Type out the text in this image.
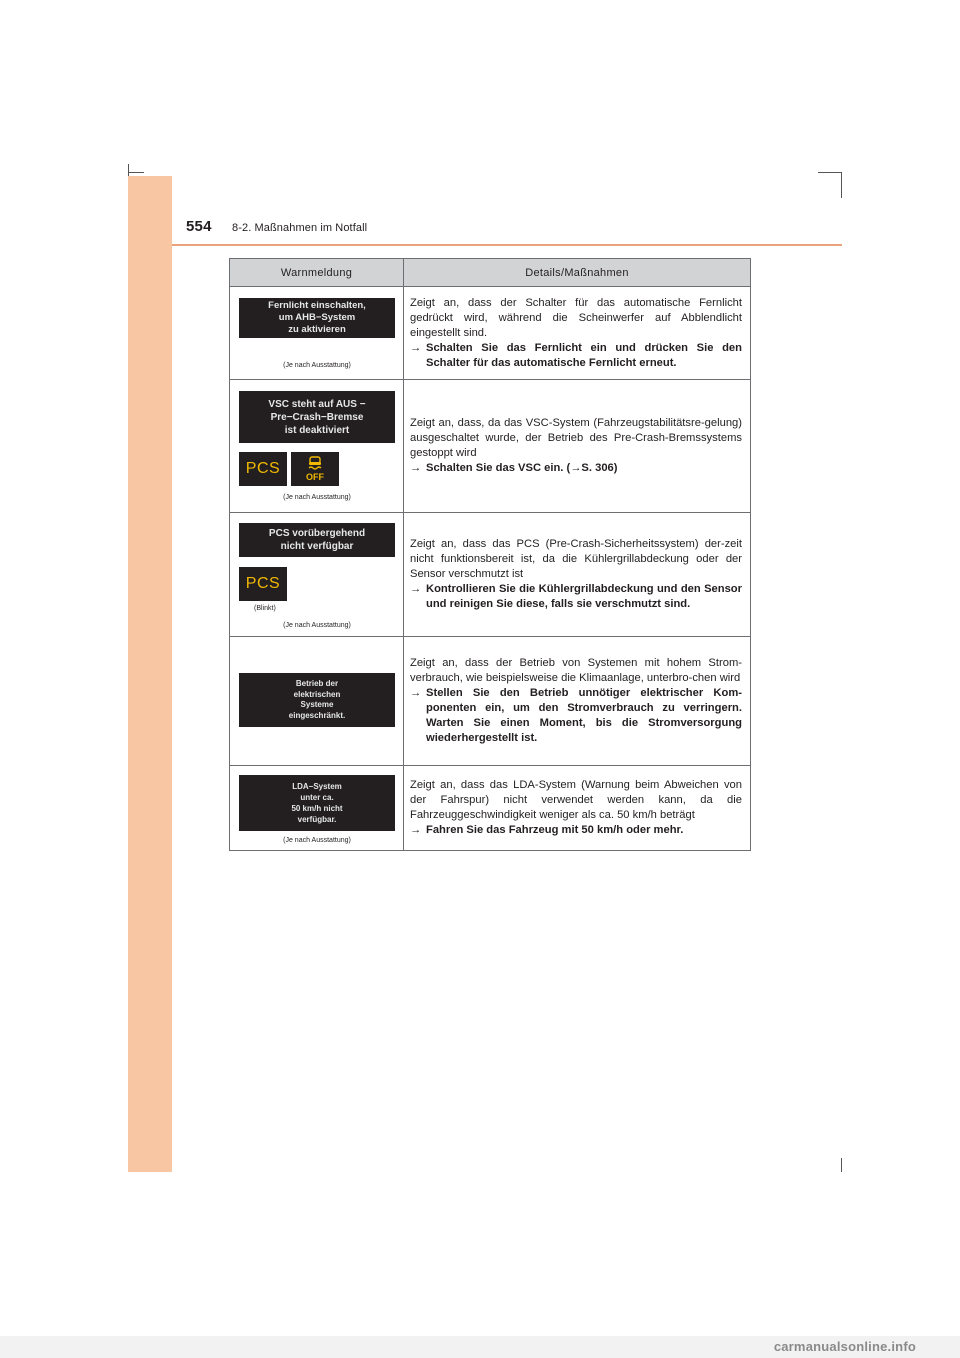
554 8-2. Maßnahmen im Notfall
Warnmeldung	Details/Maßnahmen
Fernlicht einschalten,
um AHB−System
zu aktivieren
(Je nach Ausstattung)

Zeigt an, dass der Schalter für das automatische Fernlicht gedrückt wird, während die Scheinwerfer auf Abblendlicht eingestellt sind.

→ Schalten Sie das Fernlicht ein und drücken Sie den Schalter für das automatische Fernlicht erneut.
VSC steht auf AUS −
Pre−Crash−Bremse
ist deaktiviert
PCS	OFF
(Je nach Ausstattung)

Zeigt an, dass, da das VSC-System (Fahrzeugstabilitätsre-gelung) ausgeschaltet wurde, der Betrieb des Pre-Crash-Bremssystems gestoppt wird

→ Schalten Sie das VSC ein. (→S. 306)
PCS vorübergehend
nicht verfügbar
PCS
(Blinkt)
(Je nach Ausstattung)

Zeigt an, dass das PCS (Pre-Crash-Sicherheitssystem) der-zeit nicht funktionsbereit ist, da die Kühlergrillabdeckung oder der Sensor verschmutzt ist

→ Kontrollieren Sie die Kühlergrillabdeckung und den Sensor und reinigen Sie diese, falls sie verschmutzt sind.
Betrieb der
elektrischen
Systeme
eingeschränkt.

Zeigt an, dass der Betrieb von Systemen mit hohem Strom-verbrauch, wie beispielsweise die Klimaanlage, unterbro-chen wird

→ Stellen Sie den Betrieb unnötiger elektrischer Kom-ponenten ein, um den Stromverbrauch zu verringern. Warten Sie einen Moment, bis die Stromversorgung wiederhergestellt ist.
LDA−System
unter ca.
50 km/h nicht
verfügbar.
(Je nach Ausstattung)

Zeigt an, dass das LDA-System (Warnung beim Abweichen von der Fahrspur) nicht verwendet werden kann, da die Fahrzeuggeschwindigkeit weniger als ca. 50 km/h beträgt

→ Fahren Sie das Fahrzeug mit 50 km/h oder mehr.
carmanualsonline.info
